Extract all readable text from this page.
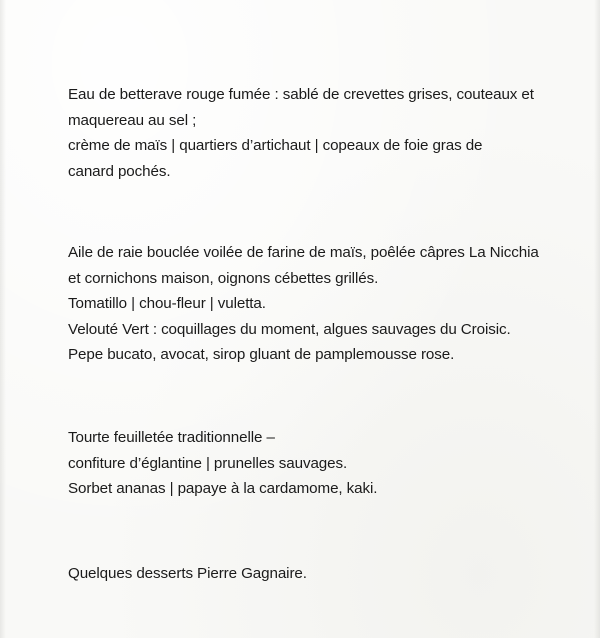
Eau de betterave rouge fumée : sablé de crevettes grises, couteaux et
maquereau au sel ;
crème de maïs | quartiers d’artichaut | copeaux de foie gras de
canard pochés.
Aile de raie bouclée voilée de farine de maïs, poêlée câpres La Nicchia
et cornichons maison, oignons cébettes grillés.
Tomatillo | chou-fleur | vuletta.
Velouté Vert : coquillages du moment, algues sauvages du Croisic.
Pepe bucato, avocat, sirop gluant de pamplemousse rose.
Tourte feuilletée traditionnelle –
confiture d’églantine | prunelles sauvages.
Sorbet ananas | papaye à la cardamome, kaki.
Quelques desserts Pierre Gagnaire.
